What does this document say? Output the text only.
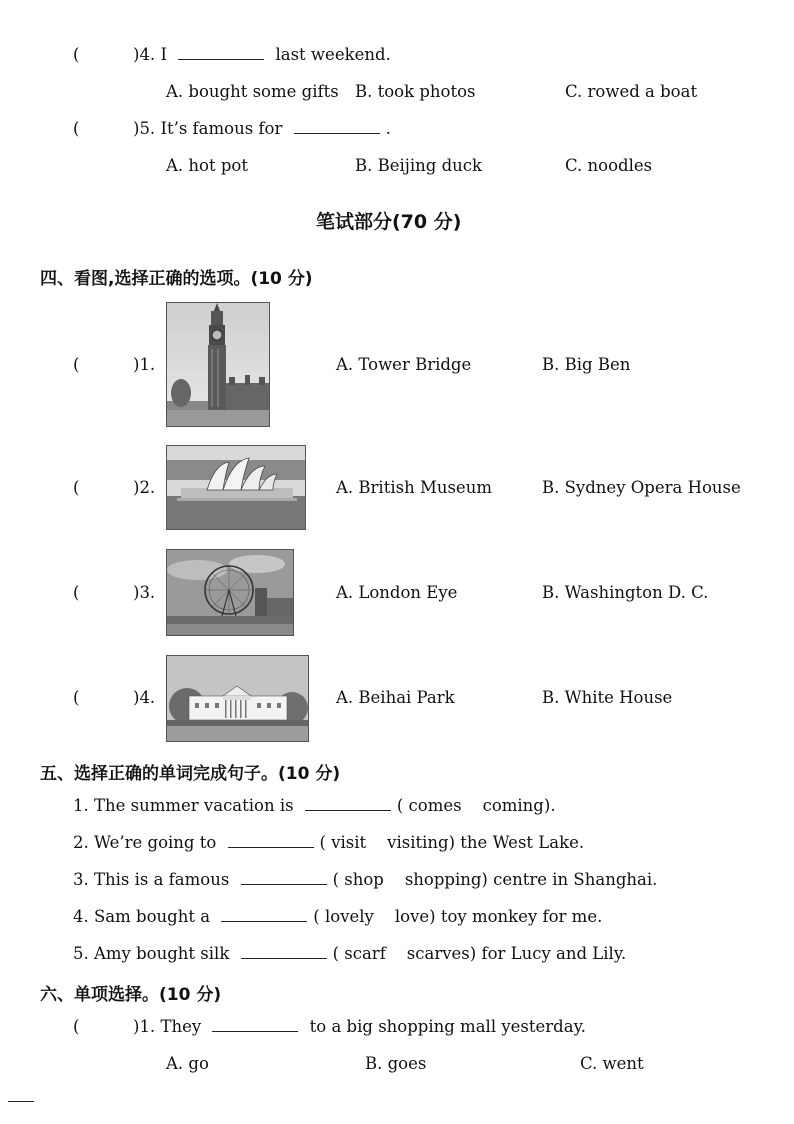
(	)4. I	last weekend.
A. bought some gifts B. took photos	C. rowed a boat
(	)5. It’s famous for	.
A. hot pot	B. Beijing duck	C. noodles
笔试部分(70 分)
四、看图,选择正确的选项。(10 分)
(	)1.	A. Tower Bridge	B. Big Ben
(	)2.	A. British Museum	B. Sydney Opera House
(	)3.	A. London Eye	B. Washington D. C.
(	)4.	A. Beihai Park	B. White House
五、选择正确的单词完成句子。(10 分)
1. The summer vacation is	( comes    coming).
2. We’re going to	( visit    visiting) the West Lake.
3. This is a famous	( shop    shopping) centre in Shanghai.
4. Sam bought a	( lovely    love) toy monkey for me.
5. Amy bought silk	( scarf    scarves) for Lucy and Lily.
六、单项选择。(10 分)
(	)1. They	to a big shopping mall yesterday.
A. go	B. goes	C. went
